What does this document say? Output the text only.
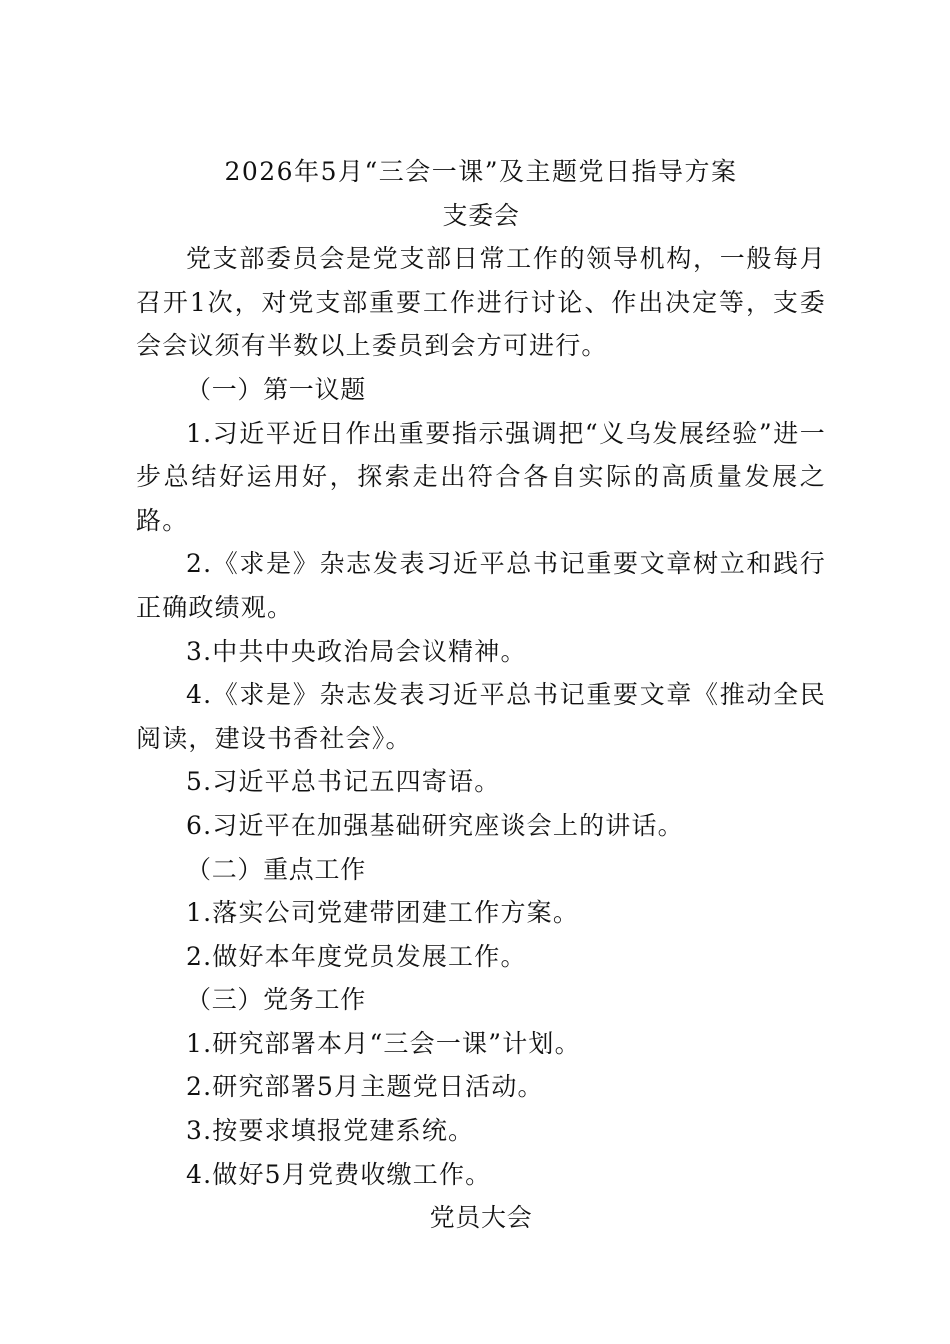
2026年5月“三会一课”及主题党日指导方案
支委会
党支部委员会是党支部日常工作的领导机构，一般每月召开1次，对党支部重要工作进行讨论、作出决定等，支委会会议须有半数以上委员到会方可进行。
（一）第一议题
1.习近平近日作出重要指示强调把“义乌发展经验”进一步总结好运用好，探索走出符合各自实际的高质量发展之路。
2.《求是》杂志发表习近平总书记重要文章树立和践行正确政绩观。
3.中共中央政治局会议精神。
4.《求是》杂志发表习近平总书记重要文章《推动全民阅读，建设书香社会》。
5.习近平总书记五四寄语。
6.习近平在加强基础研究座谈会上的讲话。
（二）重点工作
1.落实公司党建带团建工作方案。
2.做好本年度党员发展工作。
（三）党务工作
1.研究部署本月“三会一课”计划。
2.研究部署5月主题党日活动。
3.按要求填报党建系统。
4.做好5月党费收缴工作。
党员大会
